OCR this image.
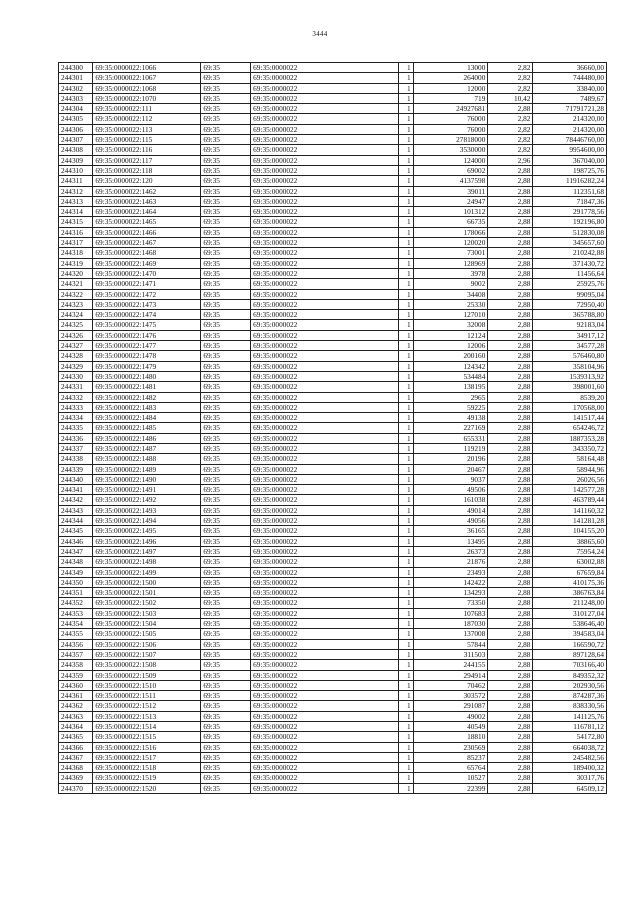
3444
244300	69:35:0000022:1066	69:35	69:35:0000022	1	13000	2,82	36660,00
244301	69:35:0000022:1067	69:35	69:35:0000022	1	264000	2,82	744480,00
244302	69:35:0000022:1068	69:35	69:35:0000022	1	12000	2,82	33840,00
244303	69:35:0000022:1070	69:35	69:35:0000022	1	719	10,42	7489,67
244304	69:35:0000022:111	69:35	69:35:0000022	1	24927681	2,88	71791721,28
244305	69:35:0000022:112	69:35	69:35:0000022	1	76000	2,82	214320,00
244306	69:35:0000022:113	69:35	69:35:0000022	1	76000	2,82	214320,00
244307	69:35:0000022:115	69:35	69:35:0000022	1	27818000	2,82	78446760,00
244308	69:35:0000022:116	69:35	69:35:0000022	1	3530000	2,82	9954600,00
244309	69:35:0000022:117	69:35	69:35:0000022	1	124000	2,96	367040,00
244310	69:35:0000022:118	69:35	69:35:0000022	1	69002	2,88	198725,76
244311	69:35:0000022:120	69:35	69:35:0000022	1	4137598	2,88	11916282,24
244312	69:35:0000022:1462	69:35	69:35:0000022	1	39011	2,88	112351,68
244313	69:35:0000022:1463	69:35	69:35:0000022	1	24947	2,88	71847,36
244314	69:35:0000022:1464	69:35	69:35:0000022	1	101312	2,88	291778,56
244315	69:35:0000022:1465	69:35	69:35:0000022	1	66735	2,88	192196,80
244316	69:35:0000022:1466	69:35	69:35:0000022	1	178066	2,88	512830,08
244317	69:35:0000022:1467	69:35	69:35:0000022	1	120020	2,88	345657,60
244318	69:35:0000022:1468	69:35	69:35:0000022	1	73001	2,88	210242,88
244319	69:35:0000022:1469	69:35	69:35:0000022	1	128969	2,88	371430,72
244320	69:35:0000022:1470	69:35	69:35:0000022	1	3978	2,88	11456,64
244321	69:35:0000022:1471	69:35	69:35:0000022	1	9002	2,88	25925,76
244322	69:35:0000022:1472	69:35	69:35:0000022	1	34408	2,88	99095,04
244323	69:35:0000022:1473	69:35	69:35:0000022	1	25330	2,88	72950,40
244324	69:35:0000022:1474	69:35	69:35:0000022	1	127010	2,88	365788,80
244325	69:35:0000022:1475	69:35	69:35:0000022	1	32008	2,88	92183,04
244326	69:35:0000022:1476	69:35	69:35:0000022	1	12124	2,88	34917,12
244327	69:35:0000022:1477	69:35	69:35:0000022	1	12006	2,88	34577,28
244328	69:35:0000022:1478	69:35	69:35:0000022	1	200160	2,88	576460,80
244329	69:35:0000022:1479	69:35	69:35:0000022	1	124342	2,88	358104,96
244330	69:35:0000022:1480	69:35	69:35:0000022	1	534484	2,88	1539313,92
244331	69:35:0000022:1481	69:35	69:35:0000022	1	138195	2,88	398001,60
244332	69:35:0000022:1482	69:35	69:35:0000022	1	2965	2,88	8539,20
244333	69:35:0000022:1483	69:35	69:35:0000022	1	59225	2,88	170568,00
244334	69:35:0000022:1484	69:35	69:35:0000022	1	49138	2,88	141517,44
244335	69:35:0000022:1485	69:35	69:35:0000022	1	227169	2,88	654246,72
244336	69:35:0000022:1486	69:35	69:35:0000022	1	655331	2,88	1887353,28
244337	69:35:0000022:1487	69:35	69:35:0000022	1	119219	2,88	343350,72
244338	69:35:0000022:1488	69:35	69:35:0000022	1	20196	2,88	58164,48
244339	69:35:0000022:1489	69:35	69:35:0000022	1	20467	2,88	58944,96
244340	69:35:0000022:1490	69:35	69:35:0000022	1	9037	2,88	26026,56
244341	69:35:0000022:1491	69:35	69:35:0000022	1	49506	2,88	142577,28
244342	69:35:0000022:1492	69:35	69:35:0000022	1	161038	2,88	463789,44
244343	69:35:0000022:1493	69:35	69:35:0000022	1	49014	2,88	141160,32
244344	69:35:0000022:1494	69:35	69:35:0000022	1	49056	2,88	141281,28
244345	69:35:0000022:1495	69:35	69:35:0000022	1	36165	2,88	104155,20
244346	69:35:0000022:1496	69:35	69:35:0000022	1	13495	2,88	38865,60
244347	69:35:0000022:1497	69:35	69:35:0000022	1	26373	2,88	75954,24
244348	69:35:0000022:1498	69:35	69:35:0000022	1	21876	2,88	63002,88
244349	69:35:0000022:1499	69:35	69:35:0000022	1	23493	2,88	67659,84
244350	69:35:0000022:1500	69:35	69:35:0000022	1	142422	2,88	410175,36
244351	69:35:0000022:1501	69:35	69:35:0000022	1	134293	2,88	386763,84
244352	69:35:0000022:1502	69:35	69:35:0000022	1	73350	2,88	211248,00
244353	69:35:0000022:1503	69:35	69:35:0000022	1	107683	2,88	310127,04
244354	69:35:0000022:1504	69:35	69:35:0000022	1	187030	2,88	538646,40
244355	69:35:0000022:1505	69:35	69:35:0000022	1	137008	2,88	394583,04
244356	69:35:0000022:1506	69:35	69:35:0000022	1	57844	2,88	166590,72
244357	69:35:0000022:1507	69:35	69:35:0000022	1	311503	2,88	897128,64
244358	69:35:0000022:1508	69:35	69:35:0000022	1	244155	2,88	703166,40
244359	69:35:0000022:1509	69:35	69:35:0000022	1	294914	2,88	849352,32
244360	69:35:0000022:1510	69:35	69:35:0000022	1	70462	2,88	202930,56
244361	69:35:0000022:1511	69:35	69:35:0000022	1	303572	2,88	874287,36
244362	69:35:0000022:1512	69:35	69:35:0000022	1	291087	2,88	838330,56
244363	69:35:0000022:1513	69:35	69:35:0000022	1	49002	2,88	141125,76
244364	69:35:0000022:1514	69:35	69:35:0000022	1	40549	2,88	116781,12
244365	69:35:0000022:1515	69:35	69:35:0000022	1	18810	2,88	54172,80
244366	69:35:0000022:1516	69:35	69:35:0000022	1	230569	2,88	664038,72
244367	69:35:0000022:1517	69:35	69:35:0000022	1	85237	2,88	245482,56
244368	69:35:0000022:1518	69:35	69:35:0000022	1	65764	2,88	189400,32
244369	69:35:0000022:1519	69:35	69:35:0000022	1	10527	2,88	30317,76
244370	69:35:0000022:1520	69:35	69:35:0000022	1	22399	2,88	64509,12
